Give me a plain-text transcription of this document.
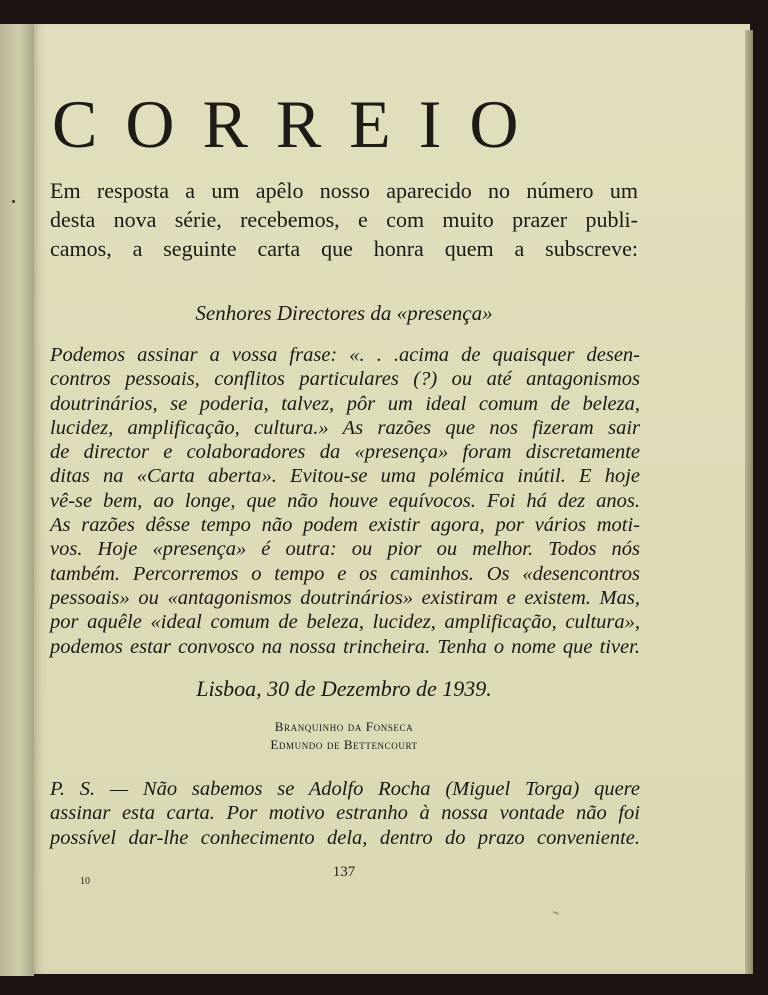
CORREIO

Em resposta a um apêlo nosso aparecido no número um

desta nova série, recebemos, e com muito prazer publi-

camos, a seguinte carta que honra quem a subscreve:

Senhores Directores da «presença»

Podemos assinar a vossa frase: «. . .acima de quaisquer desen-

contros pessoais, conflitos particulares (?) ou até antagonismos

doutrinários, se poderia, talvez, pôr um ideal comum de beleza,

lucidez, amplificação, cultura.» As razões que nos fizeram sair

de director e colaboradores da «presença» foram discretamente

ditas na «Carta aberta». Evitou-se uma polémica inútil. E hoje

vê-se bem, ao longe, que não houve equívocos. Foi há dez anos.

As razões dêsse tempo não podem existir agora, por vários moti-

vos. Hoje «presença» é outra: ou pior ou melhor. Todos nós

também. Percorremos o tempo e os caminhos. Os «desencontros

pessoais» ou «antagonismos doutrinários» existiram e existem. Mas,

por aquêle «ideal comum de beleza, lucidez, amplificação, cultura»,

podemos estar convosco na nossa trincheira. Tenha o nome que tiver.

Lisboa, 30 de Dezembro de 1939.
Branquinho da Fonseca
Edmundo de Bettencourt

P. S. — Não sabemos se Adolfo Rocha (Miguel Torga) quere

assinar esta carta. Por motivo estranho à nossa vontade não foi

possível dar-lhe conhecimento dela, dentro do prazo conveniente.

10
137
